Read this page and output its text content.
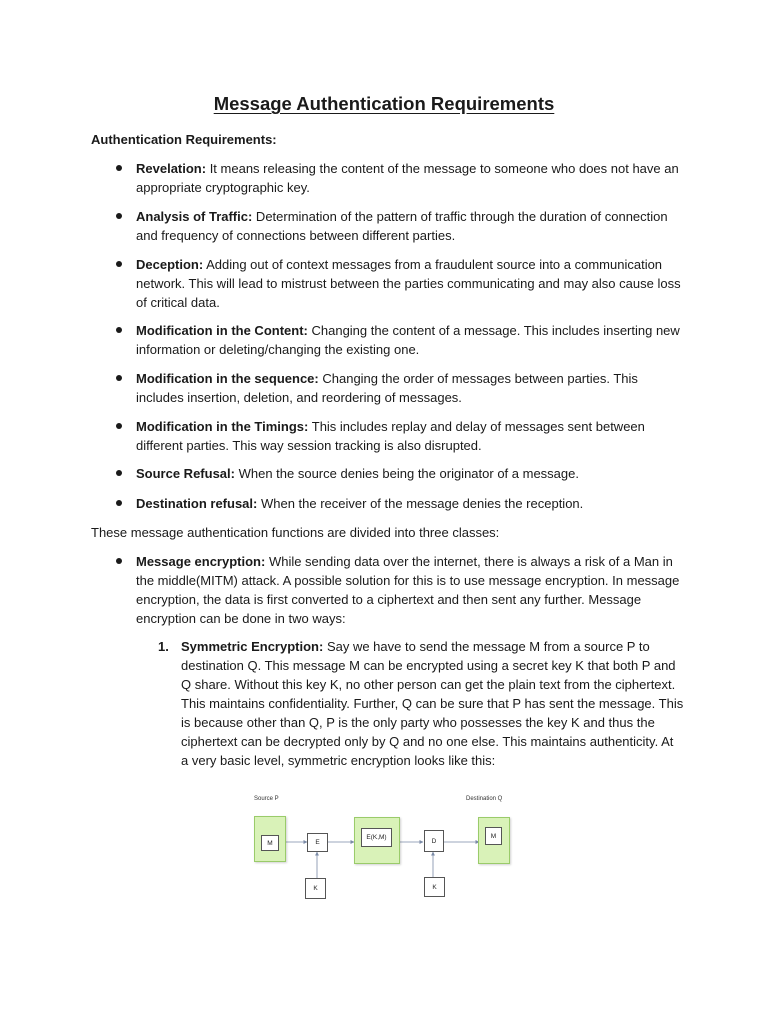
Message Authentication Requirements
Authentication Requirements:
Revelation: It means releasing the content of the message to someone who does not have an appropriate cryptographic key.
Analysis of Traffic: Determination of the pattern of traffic through the duration of connection and frequency of connections between different parties.
Deception: Adding out of context messages from a fraudulent source into a communication network. This will lead to mistrust between the parties communicating and may also cause loss of critical data.
Modification in the Content: Changing the content of a message. This includes inserting new information or deleting/changing the existing one.
Modification in the sequence: Changing the order of messages between parties. This includes insertion, deletion, and reordering of messages.
Modification in the Timings: This includes replay and delay of messages sent between different parties. This way session tracking is also disrupted.
Source Refusal: When the source denies being the originator of a message.
Destination refusal: When the receiver of the message denies the reception.
These message authentication functions are divided into three classes:
Message encryption: While sending data over the internet, there is always a risk of a Man in the middle(MITM) attack. A possible solution for this is to use message encryption. In message encryption, the data is first converted to a ciphertext and then sent any further. Message encryption can be done in two ways:
1. Symmetric Encryption: Say we have to send the message M from a source P to destination Q. This message M can be encrypted using a secret key K that both P and Q share. Without this key K, no other person can get the plain text from the ciphertext. This maintains confidentiality. Further, Q can be sure that P has sent the message. This is because other than Q, P is the only party who possesses the key K and thus the ciphertext can be decrypted only by Q and no one else. This maintains authenticity. At a very basic level, symmetric encryption looks like this:
Source P	Destination Q
M	E
E(K,M)	D
M
K	K
